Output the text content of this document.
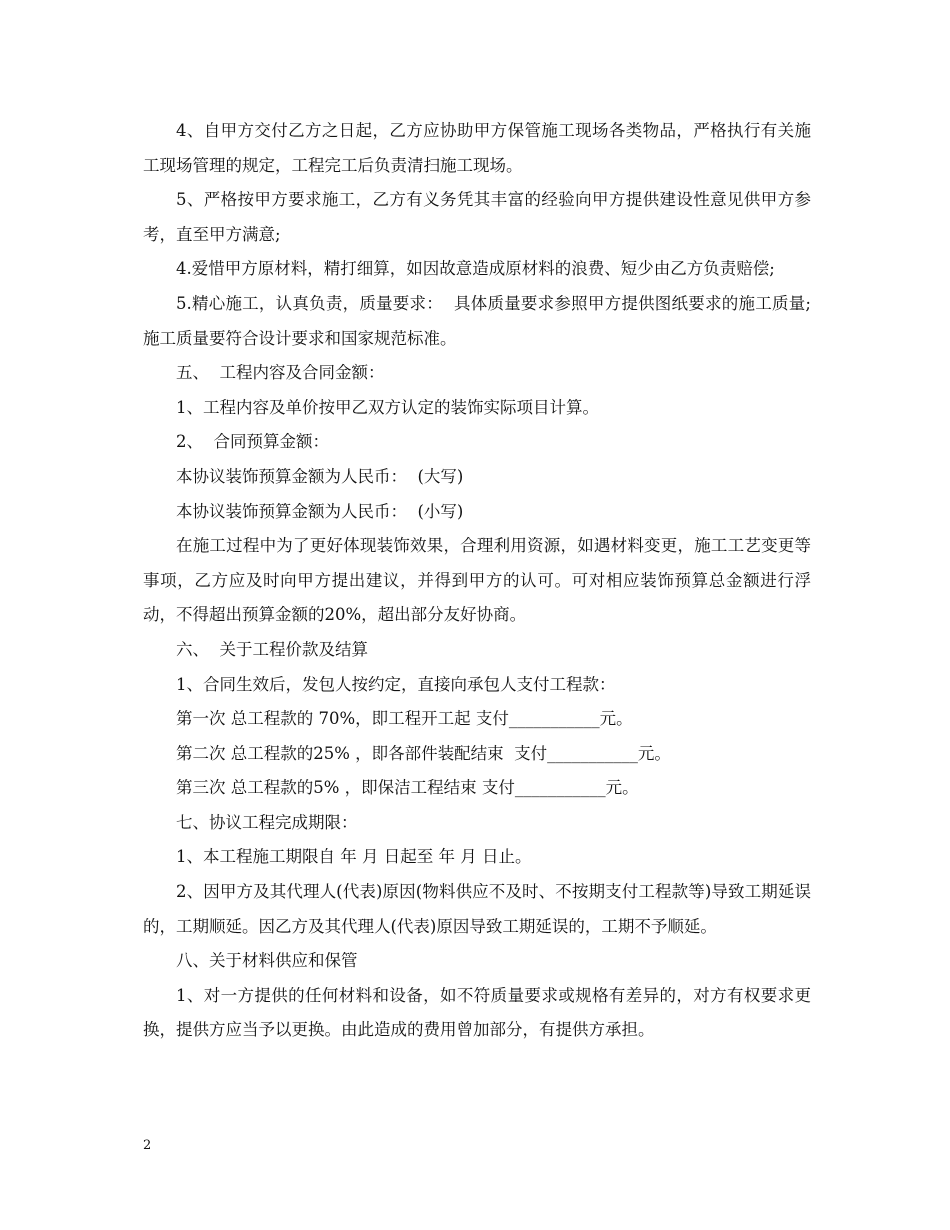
4、自甲方交付乙方之日起，乙方应协助甲方保管施工现场各类物品，严格执行有关施工现场管理的规定，工程完工后负责清扫施工现场。

5、严格按甲方要求施工，乙方有义务凭其丰富的经验向甲方提供建设性意见供甲方参考，直至甲方满意;

4.爱惜甲方原材料，精打细算，如因故意造成原材料的浪费、短少由乙方负责赔偿;

5.精心施工，认真负责，质量要求：  具体质量要求参照甲方提供图纸要求的施工质量;施工质量要符合设计要求和国家规范标准。

五、  工程内容及合同金额：

1、工程内容及单价按甲乙双方认定的装饰实际项目计算。

2、  合同预算金额：

本协议装饰预算金额为人民币：  (大写)

本协议装饰预算金额为人民币：  (小写)

在施工过程中为了更好体现装饰效果，合理利用资源，如遇材料变更，施工工艺变更等事项，乙方应及时向甲方提出建议，并得到甲方的认可。可对相应装饰预算总金额进行浮动，不得超出预算金额的20%，超出部分友好协商。

六、  关于工程价款及结算

1、合同生效后，发包人按约定，直接向承包人支付工程款：

第一次 总工程款的 70%，即工程开工起 支付___________元。

第二次 总工程款的25% ，即各部件装配结束  支付___________元。

第三次 总工程款的5% ，即保洁工程结束 支付___________元。

七、协议工程完成期限：

1、本工程施工期限自 年 月 日起至 年 月 日止。

2、因甲方及其代理人(代表)原因(物料供应不及时、不按期支付工程款等)导致工期延误的，工期顺延。因乙方及其代理人(代表)原因导致工期延误的，工期不予顺延。

八、关于材料供应和保管

1、对一方提供的任何材料和设备，如不符质量要求或规格有差异的，对方有权要求更换，提供方应当予以更换。由此造成的费用曾加部分，有提供方承担。

2
